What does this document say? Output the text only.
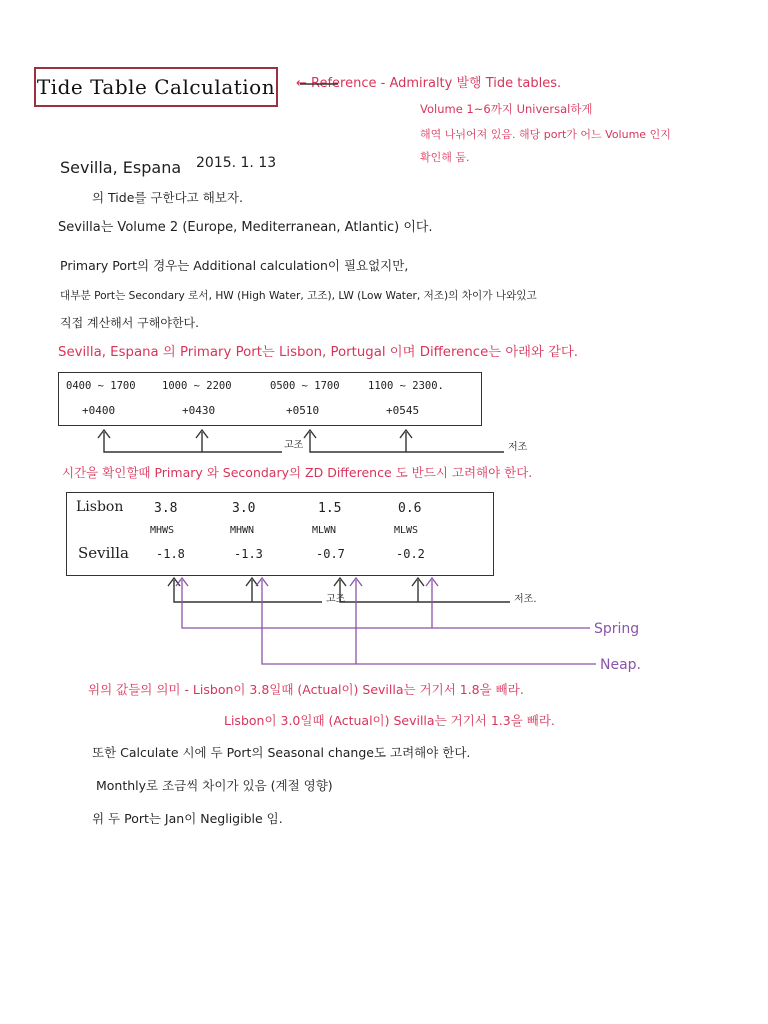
Tide Table Calculation ← Reference - Admiralty 발행 Tide tables.
Volume 1~6까지 Universal하게
해역 나뉘어져 있음. 해당 port가 어느 Volume 인지
확인해 둠.
Sevilla, Espana 2015. 1. 13
의 Tide를 구한다고 해보자.
Sevilla는 Volume 2 (Europe, Mediterranean, Atlantic) 이다.
Primary Port의 경우는 Additional calculation이 필요없지만,
대부분 Port는 Secondary 로서, HW (High Water, 고조), LW (Low Water, 저조)의 차이가 나와있고
직접 계산해서 구해야한다.
Sevilla, Espana 의 Primary Port는 Lisbon, Portugal 이며 Difference는 아래와 같다.
0400 ~ 1700	1000 ~ 2200	0500 ~ 1700	1100 ~ 2300.
+0400	+0430	+0510	+0545
고조	저조
시간을 확인할때 Primary 와 Secondary의 ZD Difference 도 반드시 고려해야 한다.
Lisbon 3.8	3.0	1.5	0.6
MHWS	MHWN	MLWN	MLWS
Sevilla -1.8	-1.3	-0.7	-0.2
고조	저조.
Spring
Neap.
위의 값들의 의미 - Lisbon이 3.8일때 (Actual이) Sevilla는 거기서 1.8을 빼라.
Lisbon이 3.0일때 (Actual이) Sevilla는 거기서 1.3을 빼라.
또한 Calculate 시에 두 Port의 Seasonal change도 고려해야 한다.
Monthly로 조금씩 차이가 있음 (계절 영향)
위 두 Port는 Jan이 Negligible 임.
